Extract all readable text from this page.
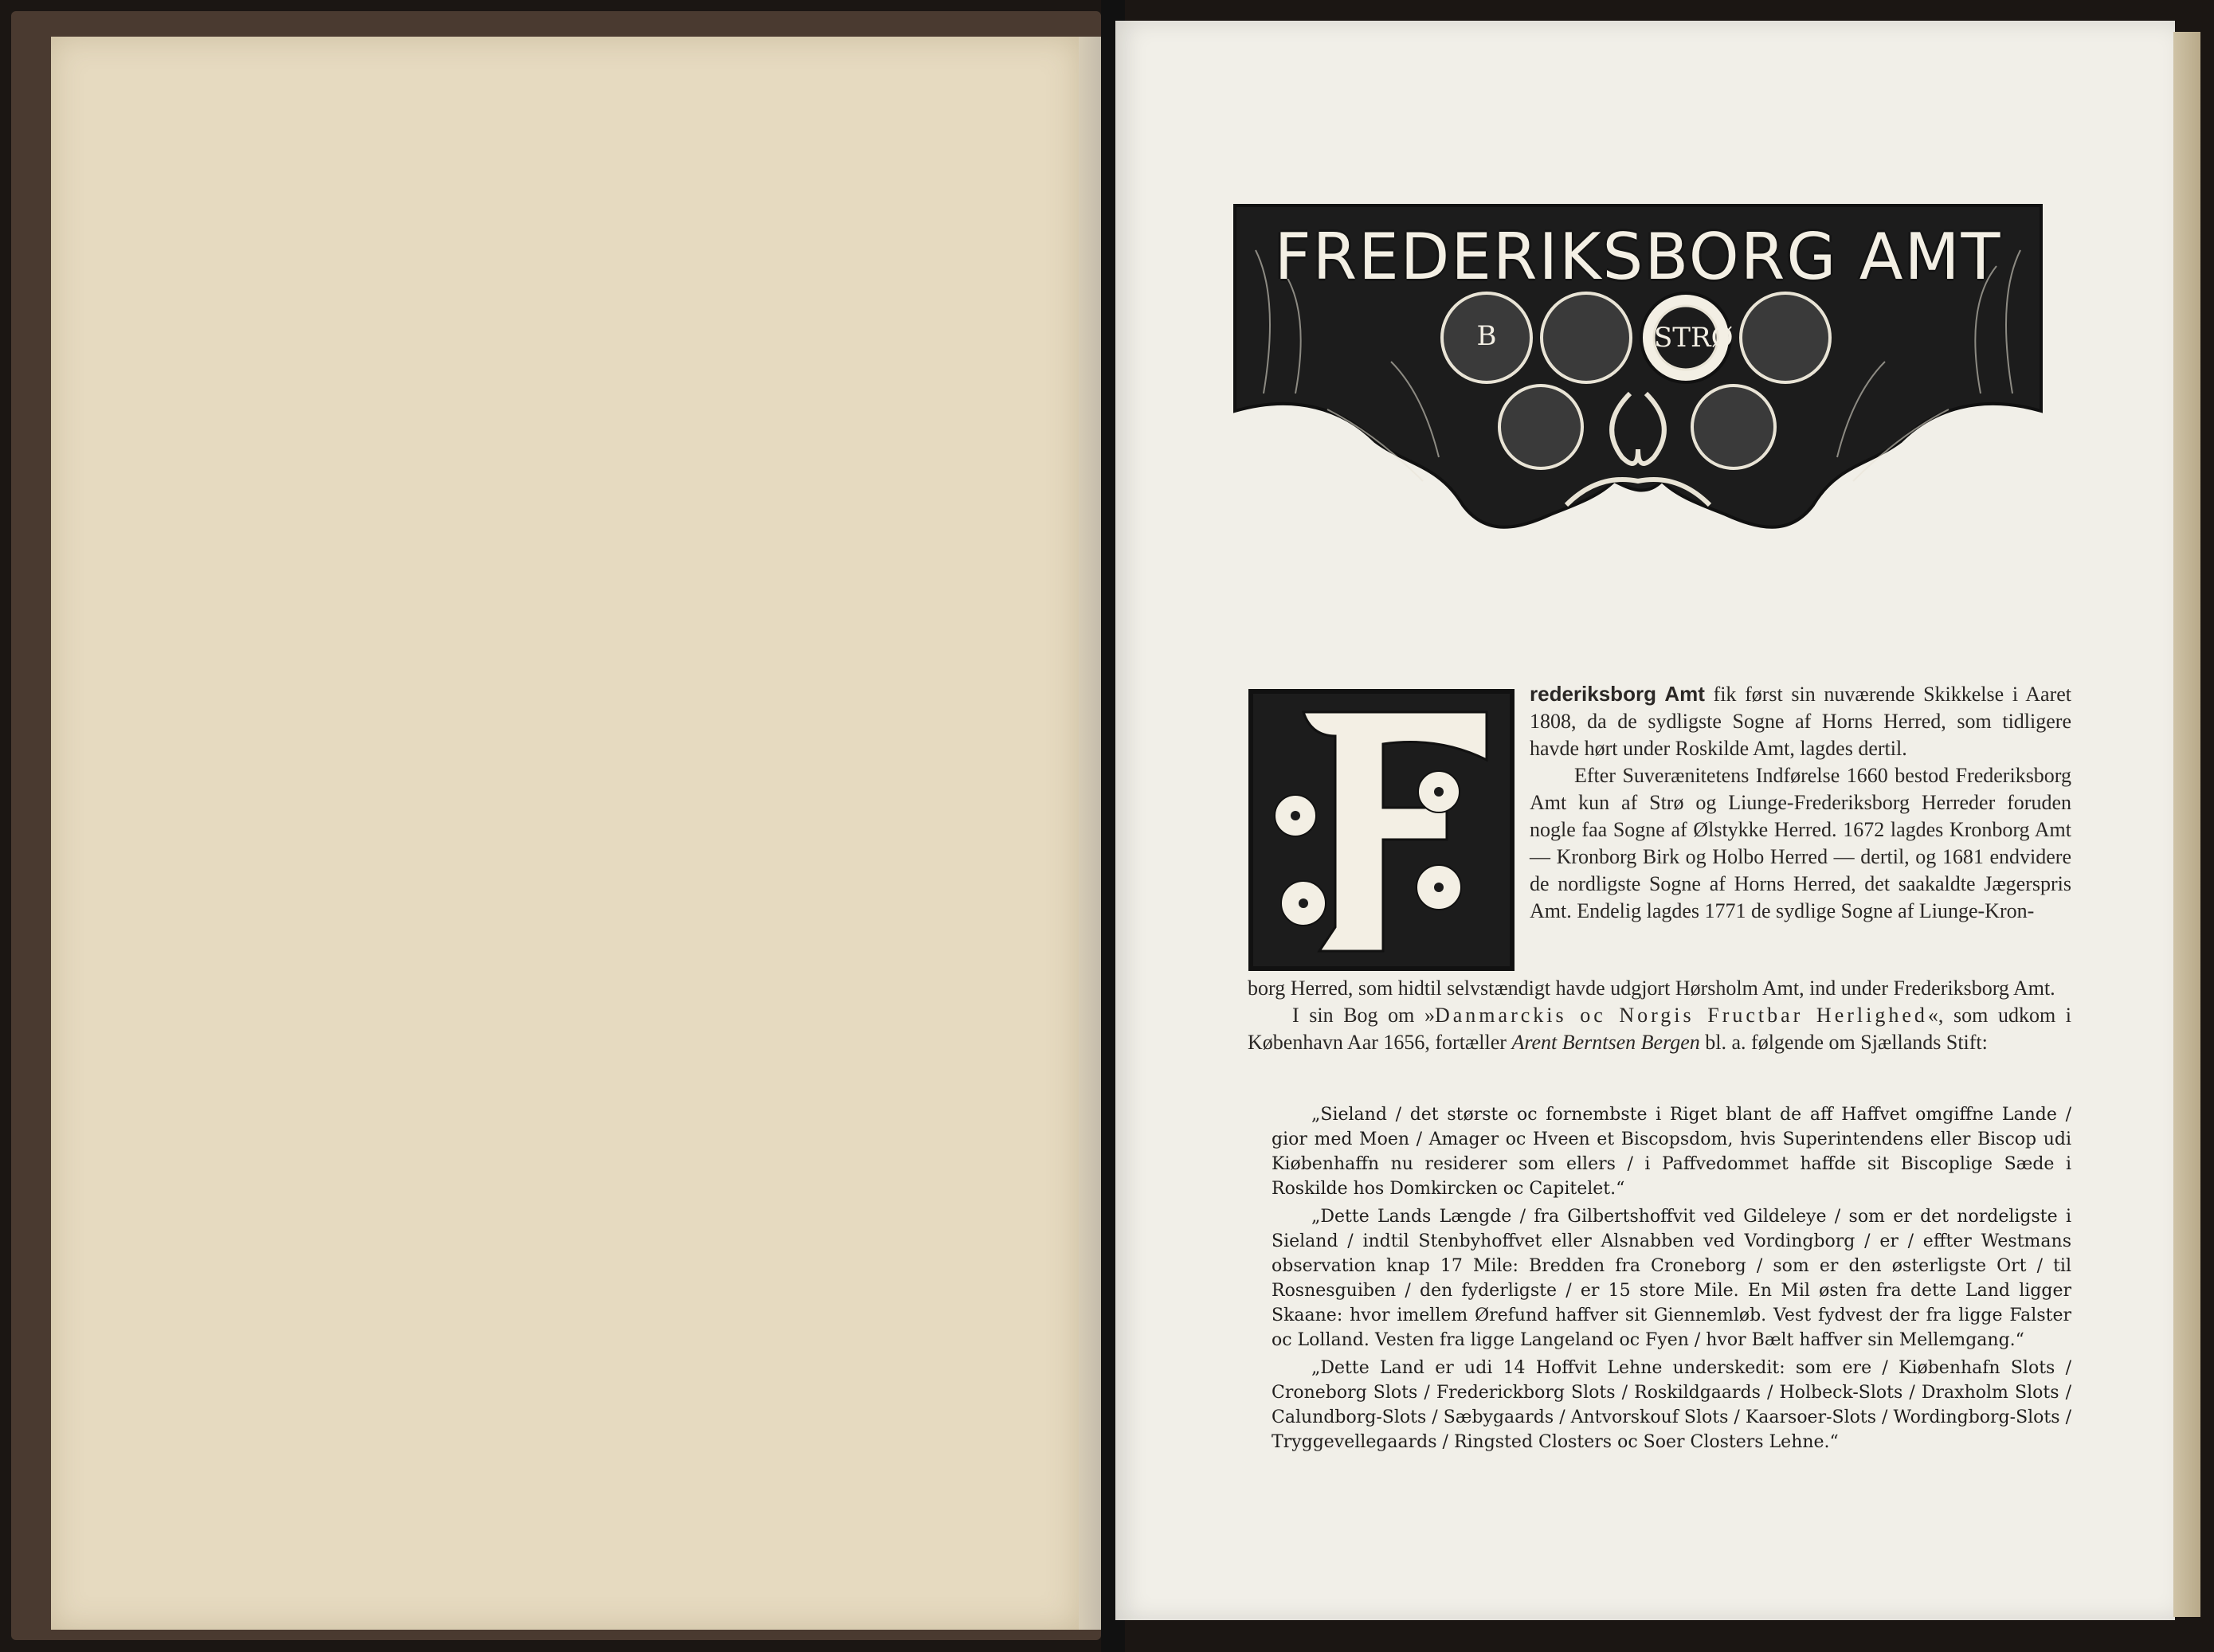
FREDERIKSBORG AMT
STRØ
B

rederiksborg Amt fik først sin nuværende Skikkelse i Aaret 1808, da de sydligste Sogne af Horns Herred, som tidligere havde hørt under Roskilde Amt, lagdes dertil.

Efter Suverænitetens Indførelse 1660 bestod Frederiksborg Amt kun af Strø og Liunge-Frederiksborg Herreder foruden nogle faa Sogne af Ølstykke Herred. 1672 lagdes Kronborg Amt — Kronborg Birk og Holbo Herred — dertil, og 1681 endvidere de nordligste Sogne af Horns Herred, det saakaldte Jægerspris Amt. Endelig lagdes 1771 de sydlige Sogne af Liunge-Kron-

borg Herred, som hidtil selvstændigt havde udgjort Hørsholm Amt, ind under Frederiksborg Amt.

I sin Bog om »Danmarckis oc Norgis Fructbar Herlighed«, som udkom i København Aar 1656, fortæller Arent Berntsen Bergen bl. a. følgende om Sjællands Stift:

„Sieland / det største oc fornembste i Riget blant de aff Haffvet omgiffne Lande / gior med Moen / Amager oc Hveen et Biscopsdom, hvis Superintendens eller Biscop udi Kiøbenhaffn nu residerer som ellers / i Paffvedommet haffde sit Biscoplige Sæde i Roskilde hos Domkircken oc Capitelet.“

„Dette Lands Længde / fra Gilbertshoffvit ved Gildeleye / som er det nordeligste i Sieland / indtil Stenbyhoffvet eller Alsnabben ved Vordingborg / er / effter Westmans observation knap 17 Mile: Bredden fra Croneborg / som er den østerligste Ort / til Rosnesguiben / den fyderligste / er 15 store Mile. En Mil østen fra dette Land ligger Skaane: hvor imellem Ørefund haffver sit Giennemløb. Vest fydvest der fra ligge Falster oc Lolland. Vesten fra ligge Langeland oc Fyen / hvor Bælt haffver sin Mellemgang.“

„Dette Land er udi 14 Hoffvit Lehne underskedit: som ere / Kiøbenhafn Slots / Croneborg Slots / Frederickborg Slots / Roskildgaards / Holbeck-Slots / Draxholm Slots / Calundborg-Slots / Sæbygaards / Antvorskouf Slots / Kaarsoer-Slots / Wordingborg-Slots / Tryggevellegaards / Ringsted Closters oc Soer Closters Lehne.“
